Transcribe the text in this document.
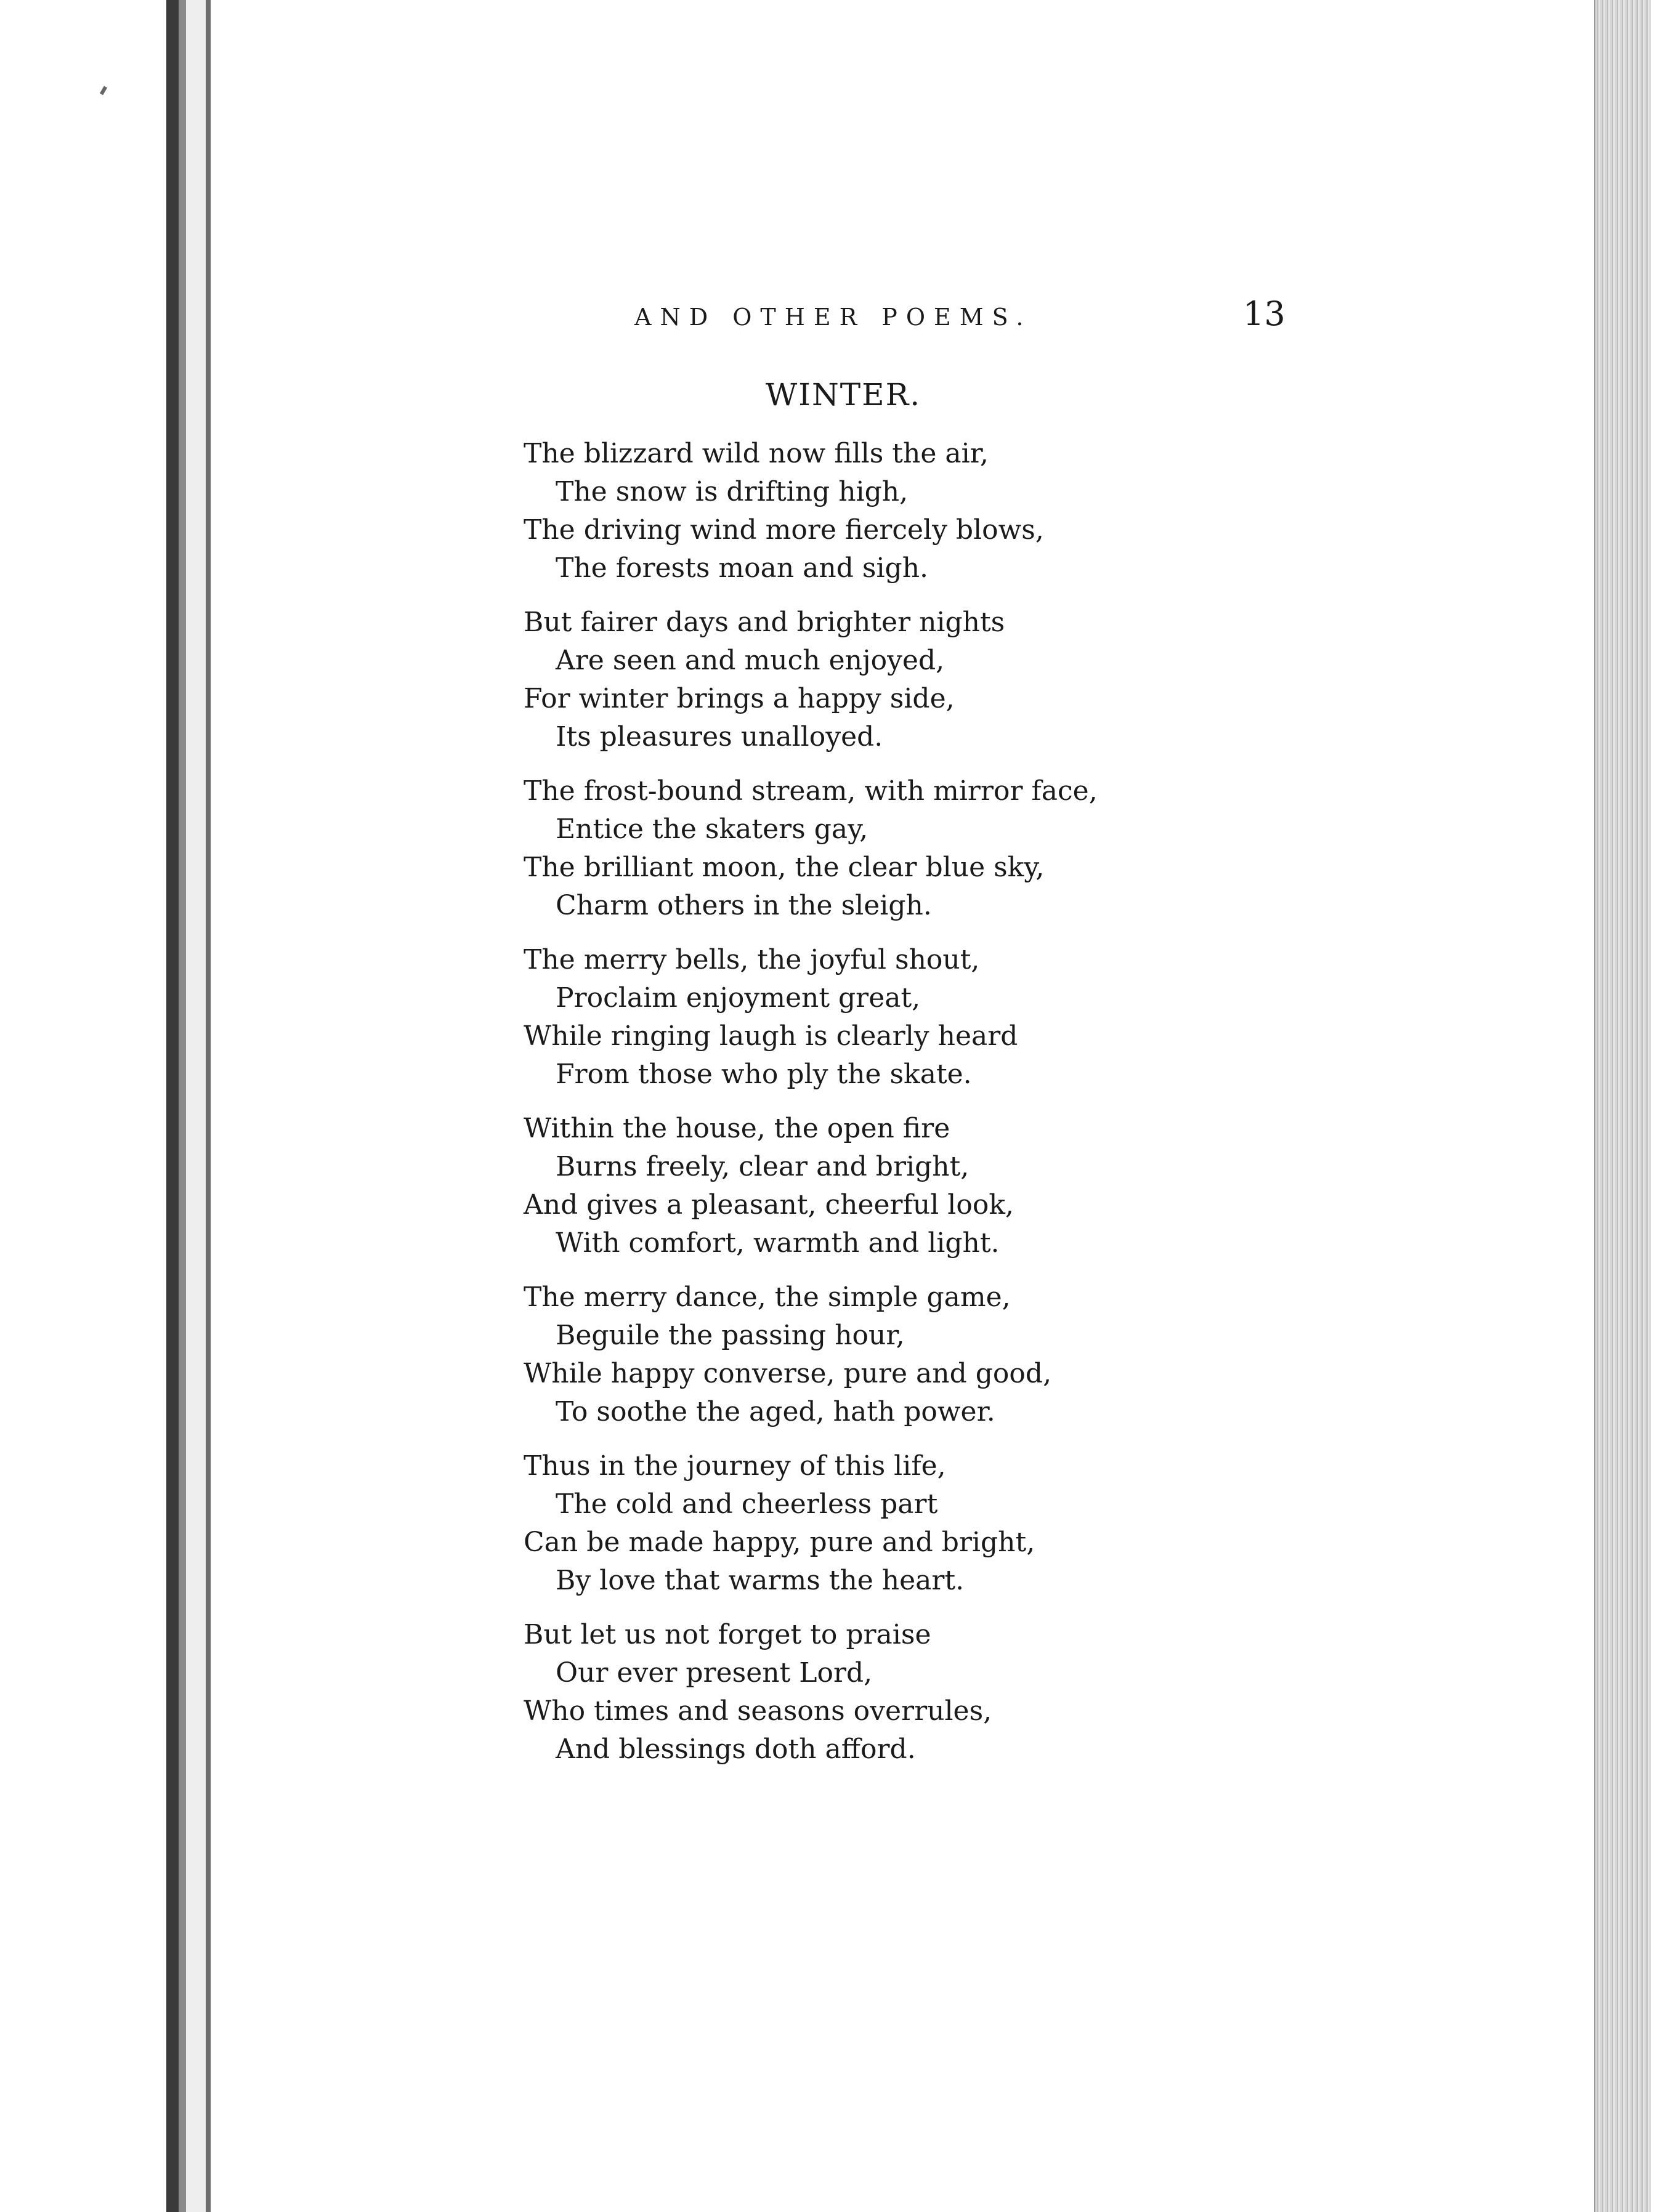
AND OTHER POEMS.	13
WINTER.
The blizzard wild now fills the air,
The snow is drifting high,
The driving wind more fiercely blows,
The forests moan and sigh.
But fairer days and brighter nights
Are seen and much enjoyed,
For winter brings a happy side,
Its pleasures unalloyed.
The frost-bound stream, with mirror face,
Entice the skaters gay,
The brilliant moon, the clear blue sky,
Charm others in the sleigh.
The merry bells, the joyful shout,
Proclaim enjoyment great,
While ringing laugh is clearly heard
From those who ply the skate.
Within the house, the open fire
Burns freely, clear and bright,
And gives a pleasant, cheerful look,
With comfort, warmth and light.
The merry dance, the simple game,
Beguile the passing hour,
While happy converse, pure and good,
To soothe the aged, hath power.
Thus in the journey of this life,
The cold and cheerless part
Can be made happy, pure and bright,
By love that warms the heart.
But let us not forget to praise
Our ever present Lord,
Who times and seasons overrules,
And blessings doth afford.
